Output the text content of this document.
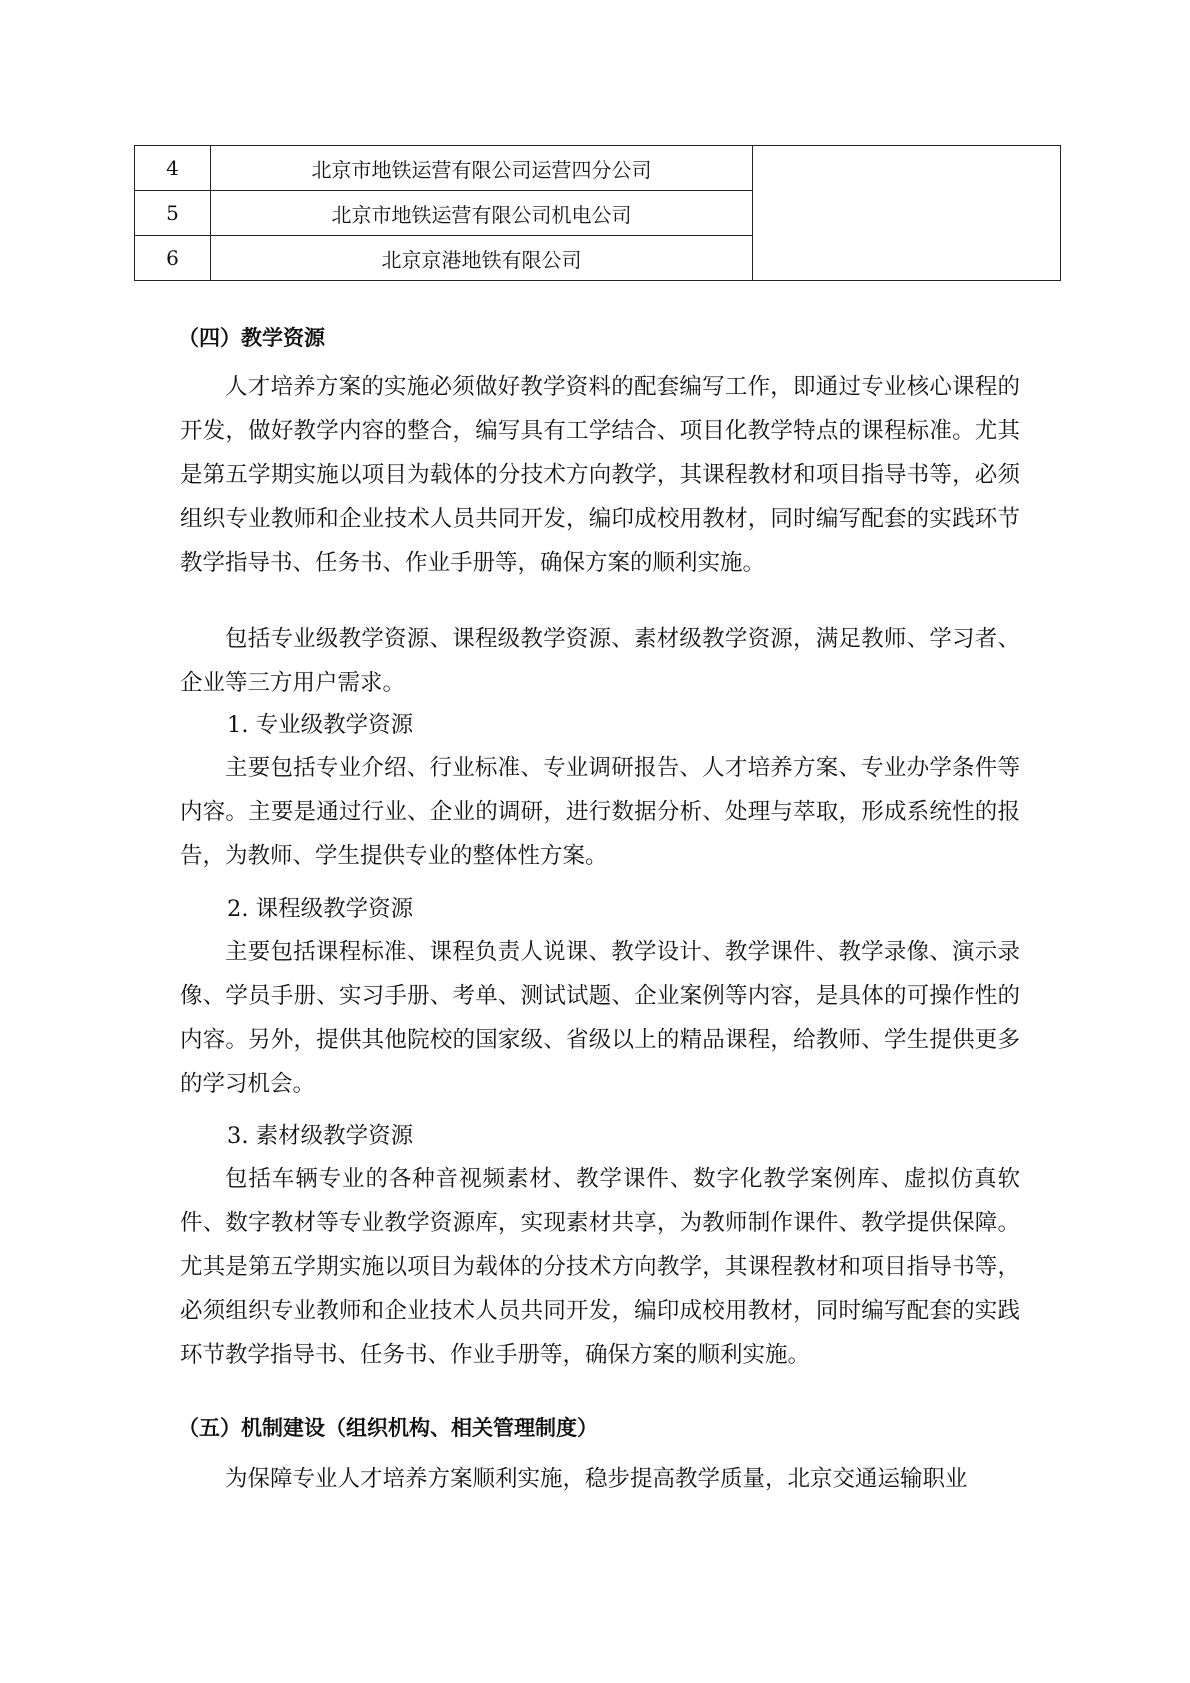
4	北京市地铁运营有限公司运营四分公司	
5	北京市地铁运营有限公司机电公司	
6	北京京港地铁有限公司	
（四）教学资源

人才培养方案的实施必须做好教学资料的配套编写工作，即通过专业核心课程的开发，做好教学内容的整合，编写具有工学结合、项目化教学特点的课程标准。尤其是第五学期实施以项目为载体的分技术方向教学，其课程教材和项目指导书等，必须组织专业教师和企业技术人员共同开发，编印成校用教材，同时编写配套的实践环节教学指导书、任务书、作业手册等，确保方案的顺利实施。

包括专业级教学资源、课程级教学资源、素材级教学资源，满足教师、学习者、企业等三方用户需求。

1. 专业级教学资源

主要包括专业介绍、行业标准、专业调研报告、人才培养方案、专业办学条件等内容。主要是通过行业、企业的调研，进行数据分析、处理与萃取，形成系统性的报告，为教师、学生提供专业的整体性方案。

2. 课程级教学资源

主要包括课程标准、课程负责人说课、教学设计、教学课件、教学录像、演示录像、学员手册、实习手册、考单、测试试题、企业案例等内容，是具体的可操作性的内容。另外，提供其他院校的国家级、省级以上的精品课程，给教师、学生提供更多的学习机会。

3. 素材级教学资源

包括车辆专业的各种音视频素材、教学课件、数字化教学案例库、虚拟仿真软件、数字教材等专业教学资源库，实现素材共享，为教师制作课件、教学提供保障。尤其是第五学期实施以项目为载体的分技术方向教学，其课程教材和项目指导书等，必须组织专业教师和企业技术人员共同开发，编印成校用教材，同时编写配套的实践环节教学指导书、任务书、作业手册等，确保方案的顺利实施。

（五）机制建设（组织机构、相关管理制度）

为保障专业人才培养方案顺利实施，稳步提高教学质量，北京交通运输职业
